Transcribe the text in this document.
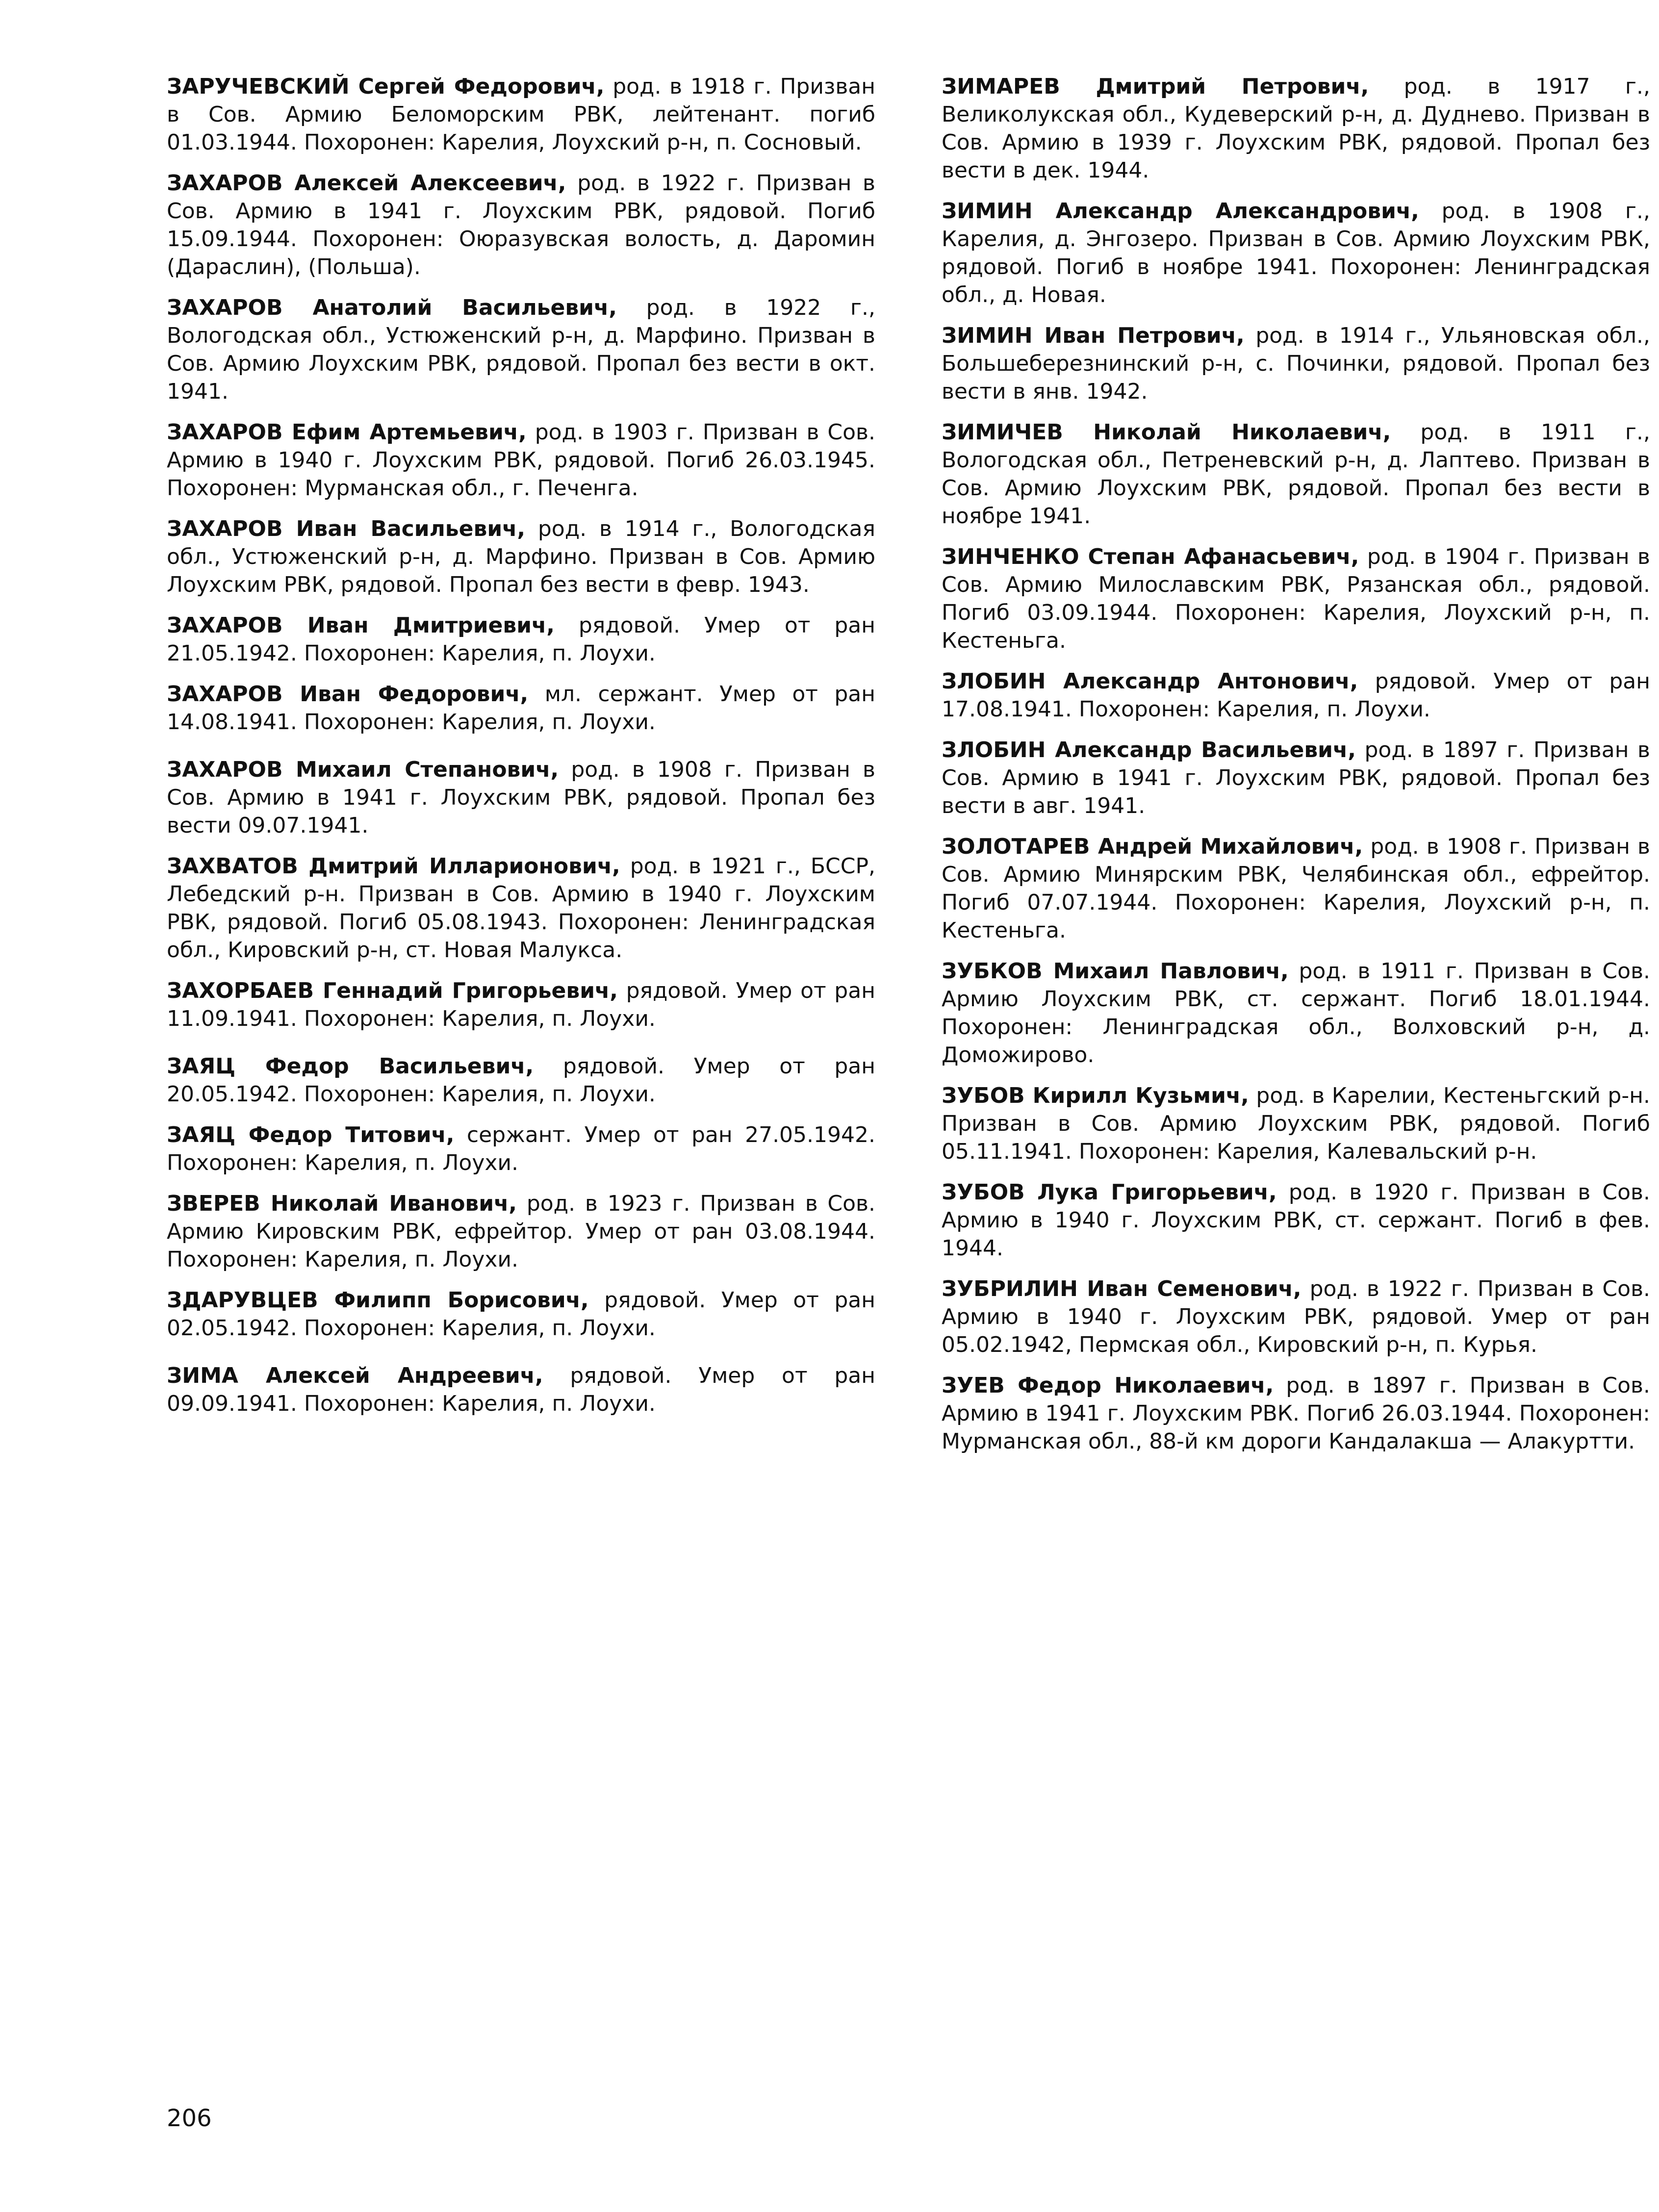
ЗАРУЧЕВСКИЙ Сергей Федорович, род. в 1918 г. Призван в Сов. Армию Беломорским РВК, лейтенант. погиб 01.03.1944. Похоронен: Карелия, Лоухский р-н, п. Сосновый.

ЗАХАРОВ Алексей Алексеевич, род. в 1922 г. Призван в Сов. Армию в 1941 г. Лоухским РВК, рядовой. Погиб 15.09.1944. Похоронен: Оюразувская волость, д. Даромин (Дараслин), (Польша).

ЗАХАРОВ Анатолий Васильевич, род. в 1922 г., Вологодская обл., Устюженский р-н, д. Марфино. Призван в Сов. Армию Лоухским РВК, рядовой. Пропал без вести в окт. 1941.

ЗАХАРОВ Ефим Артемьевич, род. в 1903 г. Призван в Сов. Армию в 1940 г. Лоухским РВК, рядовой. Погиб 26.03.1945. Похоронен: Мурманская обл., г. Печенга.

ЗАХАРОВ Иван Васильевич, род. в 1914 г., Вологодская обл., Устюженский р-н, д. Марфино. Призван в Сов. Армию Лоухским РВК, рядовой. Пропал без вести в февр. 1943.

ЗАХАРОВ Иван Дмитриевич, рядовой. Умер от ран 21.05.1942. Похоронен: Карелия, п. Лоухи.

ЗАХАРОВ Иван Федорович, мл. сержант. Умер от ран 14.08.1941. Похоронен: Карелия, п. Лоухи.

ЗАХАРОВ Михаил Степанович, род. в 1908 г. Призван в Сов. Армию в 1941 г. Лоухским РВК, рядовой. Пропал без вести 09.07.1941.

ЗАХВАТОВ Дмитрий Илларионович, род. в 1921 г., БССР, Лебедский р-н. Призван в Сов. Армию в 1940 г. Лоухским РВК, рядовой. Погиб 05.08.1943. Похоронен: Ленинградская обл., Кировский р-н, ст. Новая Малукса.

ЗАХОРБАЕВ Геннадий Григорьевич, рядовой. Умер от ран 11.09.1941. Похоронен: Карелия, п. Лоухи.

ЗАЯЦ Федор Васильевич, рядовой. Умер от ран 20.05.1942. Похоронен: Карелия, п. Лоухи.

ЗАЯЦ Федор Титович, сержант. Умер от ран 27.05.1942. Похоронен: Карелия, п. Лоухи.

ЗВЕРЕВ Николай Иванович, род. в 1923 г. Призван в Сов. Армию Кировским РВК, ефрейтор. Умер от ран 03.08.1944. Похоронен: Карелия, п. Лоухи.

ЗДАРУВЦЕВ Филипп Борисович, рядовой. Умер от ран 02.05.1942. Похоронен: Карелия, п. Лоухи.

ЗИМА Алексей Андреевич, рядовой. Умер от ран 09.09.1941. Похоронен: Карелия, п. Лоухи.

ЗИМАРЕВ Дмитрий Петрович, род. в 1917 г., Великолукская обл., Кудеверский р-н, д. Дуднево. Призван в Сов. Армию в 1939 г. Лоухским РВК, рядовой. Пропал без вести в дек. 1944.

ЗИМИН Александр Александрович, род. в 1908 г., Карелия, д. Энгозеро. Призван в Сов. Армию Лоухским РВК, рядовой. Погиб в ноябре 1941. Похоронен: Ленинградская обл., д. Новая.

ЗИМИН Иван Петрович, род. в 1914 г., Ульяновская обл., Большеберезнинский р-н, с. Починки, рядовой. Пропал без вести в янв. 1942.

ЗИМИЧЕВ Николай Николаевич, род. в 1911 г., Вологодская обл., Петреневский р-н, д. Лаптево. Призван в Сов. Армию Лоухским РВК, рядовой. Пропал без вести в ноябре 1941.

ЗИНЧЕНКО Степан Афанасьевич, род. в 1904 г. Призван в Сов. Армию Милославским РВК, Рязанская обл., рядовой. Погиб 03.09.1944. Похоронен: Карелия, Лоухский р-н, п. Кестеньга.

ЗЛОБИН Александр Антонович, рядовой. Умер от ран 17.08.1941. Похоронен: Карелия, п. Лоухи.

ЗЛОБИН Александр Васильевич, род. в 1897 г. Призван в Сов. Армию в 1941 г. Лоухским РВК, рядовой. Пропал без вести в авг. 1941.

ЗОЛОТАРЕВ Андрей Михайлович, род. в 1908 г. Призван в Сов. Армию Минярским РВК, Челябинская обл., ефрейтор. Погиб 07.07.1944. Похоронен: Карелия, Лоухский р-н, п. Кестеньга.

ЗУБКОВ Михаил Павлович, род. в 1911 г. Призван в Сов. Армию Лоухским РВК, ст. сержант. Погиб 18.01.1944. Похоронен: Ленинградская обл., Волховский р-н, д. Доможирово.

ЗУБОВ Кирилл Кузьмич, род. в Карелии, Кестеньгский р-н. Призван в Сов. Армию Лоухским РВК, рядовой. Погиб 05.11.1941. Похоронен: Карелия, Калевальский р-н.

ЗУБОВ Лука Григорьевич, род. в 1920 г. Призван в Сов. Армию в 1940 г. Лоухским РВК, ст. сержант. Погиб в фев. 1944.

ЗУБРИЛИН Иван Семенович, род. в 1922 г. Призван в Сов. Армию в 1940 г. Лоухским РВК, рядовой. Умер от ран 05.02.1942, Пермская обл., Кировский р-н, п. Курья.

ЗУЕВ Федор Николаевич, род. в 1897 г. Призван в Сов. Армию в 1941 г. Лоухским РВК. Погиб 26.03.1944. Похоронен: Мурманская обл., 88-й км дороги Кандалакша — Алакуртти.

206
